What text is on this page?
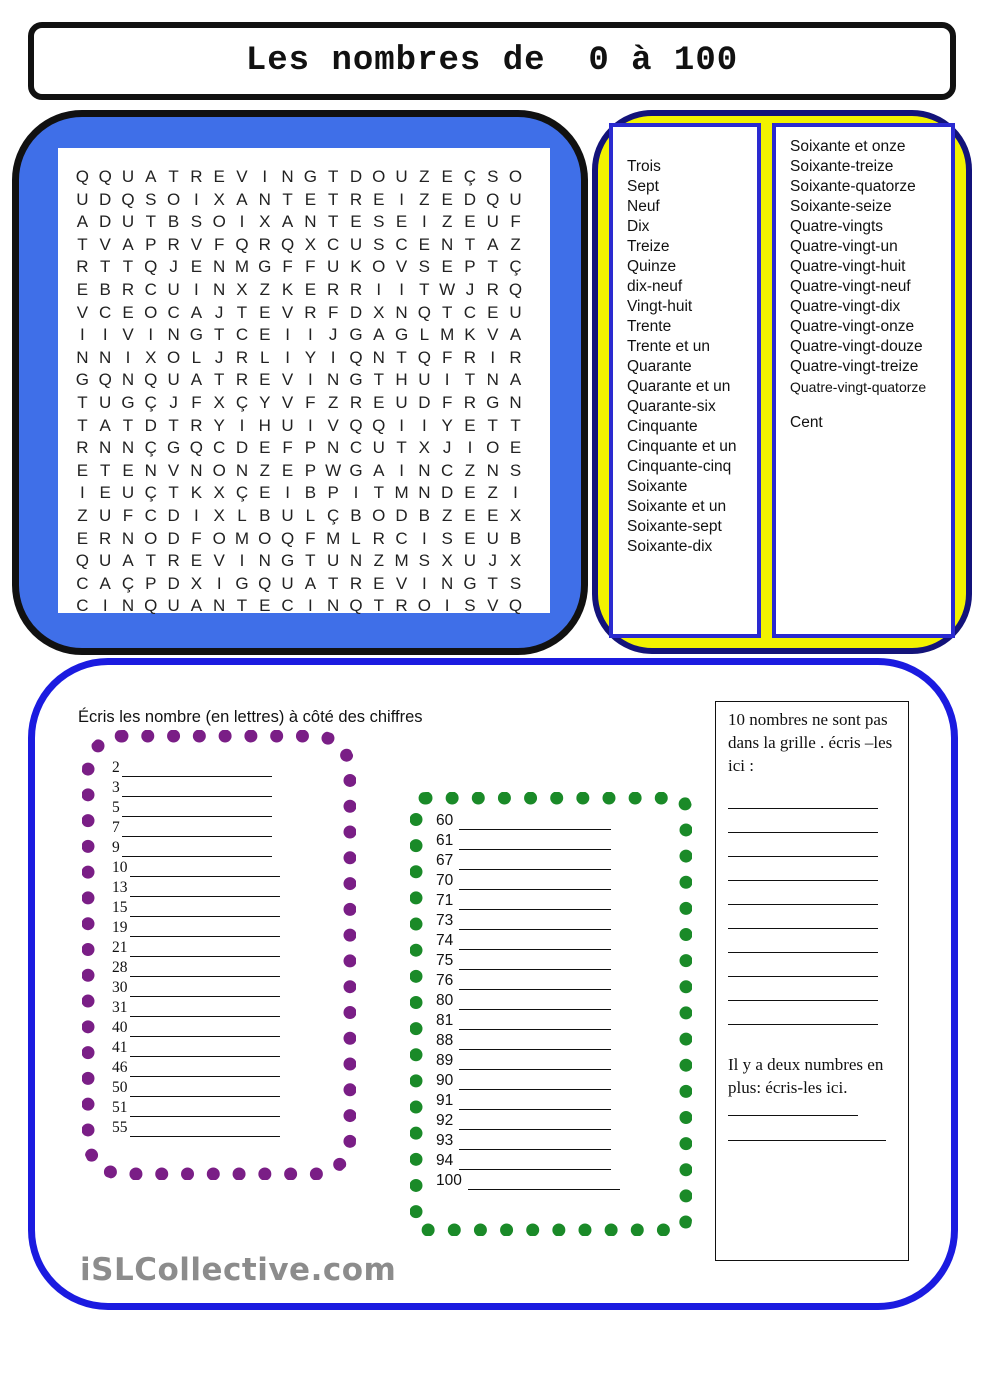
Les nombres de  0 à 100
Q Q U A T R E V I N G T D O U Z E Ç S O
U D Q S O I X A N T E T R E I Z E D Q U
A D U T B S O I X A N T E S E I Z E U F
T V A P R V F Q R Q X C U S C E N T A Z
R T T Q J E N M G F F U K O V S E P T Ç
E B R C U I N X Z K E R R I	I T W J R Q
V C E O C A J T E V R F D X N Q T C E U
I	I V I N G T C E I	I J G A G L M K V A
N N I X O L J R L I Y I Q N T Q F R I R
G Q N Q U A T R E V I N G T H U I T N A
T U G Ç J F X Ç Y V F Z R E U D F R G N
T A T D T R Y I H U I V Q Q I	I Y E T T
R N N Ç G Q C D E F P N C U T X J I O E
E T E N V N O N Z E P W G A I N C Z N S
I E U Ç T K X Ç E I B P I T M N D E Z I
Z U F C D I X L B U L Ç B O D B Z E E X
E R N O D F O M O Q F M L R C I S E U B
Q U A T R E V I N G T U N Z M S X U J X
C A Ç P D X I G Q U A T R E V I N G T S
C I N Q U A N T E C I N Q T R O I S V Q
Trois
Sept
Neuf
Dix
Treize
Quinze
dix-neuf
Vingt-huit
Trente
Trente et un
Quarante
Quarante et un
Quarante-six
Cinquante
Cinquante et un
Cinquante-cinq
Soixante
Soixante et un
Soixante-sept
Soixante-dix
Soixante et onze
Soixante-treize
Soixante-quatorze
Soixante-seize
Quatre-vingts
Quatre-vingt-un
Quatre-vingt-huit
Quatre-vingt-neuf
Quatre-vingt-dix
Quatre-vingt-onze
Quatre-vingt-douze
Quatre-vingt-treize
Quatre-vingt-quatorze
Cent
Écris les nombre (en lettres) à côté des chiffres
2
3
5
7
9
10
13
15
19
21
28
30
31
40
41
46
50
51
55
60
61
67
70
71
73
74
75
76
80
81
88
89
90
91
92
93
94
100
10 nombres ne sont pas dans la grille . écris –les ici :
Il y a deux numbres en plus: écris-les ici.
iSLCollective.com
